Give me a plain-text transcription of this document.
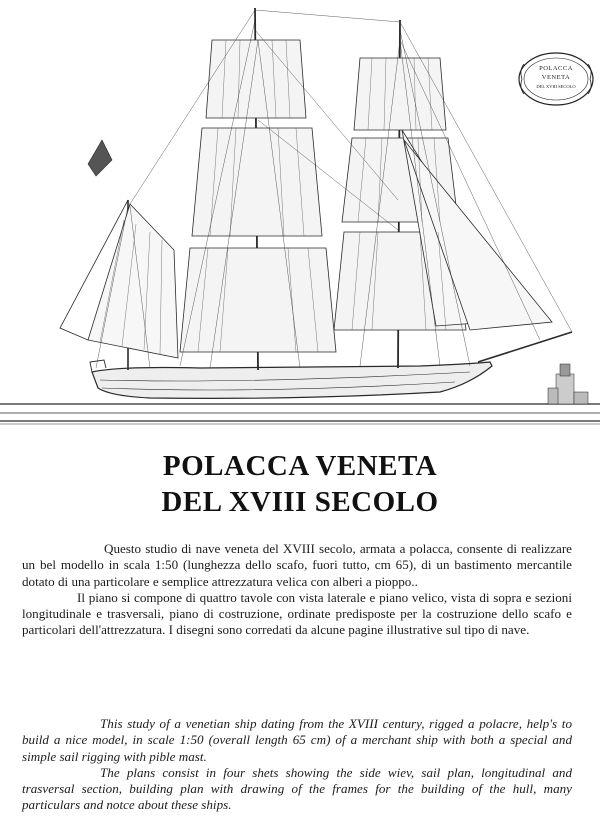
POLACCA
VENETA
DEL XVIII SECOLO
POLACCA VENETA
DEL XVIII SECOLO

Questo studio di nave veneta del XVIII secolo, armata a polacca, consente di realizzare un bel modello in scala 1:50 (lunghezza dello scafo, fuori tutto, cm 65), di un bastimento mercantile dotato di una particolare e semplice attrezzatura velica con alberi a pioppo..

Il piano si compone di quattro tavole con vista laterale e piano velico, vista di sopra e sezioni longitudinale e trasversali, piano di costruzione, ordinate predisposte per la costruzione dello scafo e particolari dell'attrezzatura. I disegni sono corredati da alcune pagine illustrative sul tipo di nave.

This study of a venetian ship dating from the XVIII century, rigged a polacre, help's to build a nice model, in scale 1:50 (overall length 65 cm) of a merchant ship with both a special and simple sail rigging with pible mast.

The plans consist in four shets showing the side wiev, sail plan, longitudinal and trasversal section, building plan with drawing of the frames for the building of the hull, many particulars and notce about these ships.
